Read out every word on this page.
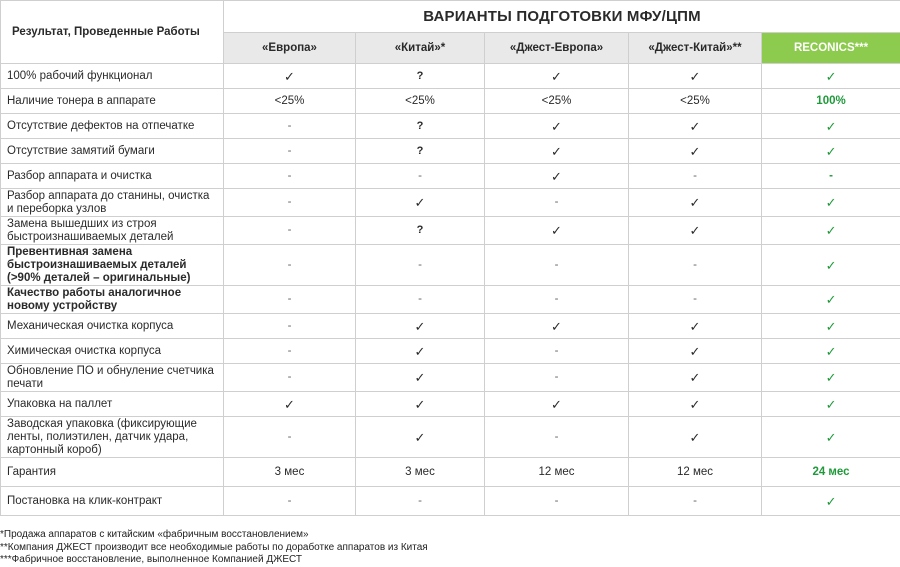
Результат, Проведенные Работы	ВАРИАНТЫ ПОДГОТОВКИ МФУ/ЦПМ				
	«Европа»	«Китай»*	«Джест-Европа»	«Джест-Китай»**	RECONICS***
100% рабочий функционал	✓	?	✓	✓	✓
Наличие тонера в аппарате	<25%	<25%	<25%	<25%	100%
Отсутствие дефектов на отпечатке	-	?	✓	✓	✓
Отсутствие замятий бумаги	-	?	✓	✓	✓
Разбор аппарата и очистка	-	-	✓	-	-
Разбор аппарата до станины, очистка и переборка узлов	-	✓	-	✓	✓
Замена вышедших из строя быстроизнашиваемых деталей	-	?	✓	✓	✓
Превентивная замена быстроизнашиваемых деталей (>90% деталей – оригинальные)	-	-	-	-	✓
Качество работы аналогичное новому устройству	-	-	-	-	✓
Механическая очистка корпуса	-	✓	✓	✓	✓
Химическая очистка корпуса	-	✓	-	✓	✓
Обновление ПО и обнуление счетчика печати	-	✓	-	✓	✓
Упаковка на паллет	✓	✓	✓	✓	✓
Заводская упаковка (фиксирующие ленты, полиэтилен, датчик удара, картонный короб)	-	✓	-	✓	✓
Гарантия	3 мес	3 мес	12 мес	12 мес	24 мес
Постановка на клик-контракт	-	-	-	-	✓
*Продажа аппаратов с китайским «фабричным восстановлением»
**Компания ДЖЕСТ производит все необходимые работы по доработке аппаратов из Китая
***Фабричное восстановление, выполненное Компанией ДЖЕСТ
